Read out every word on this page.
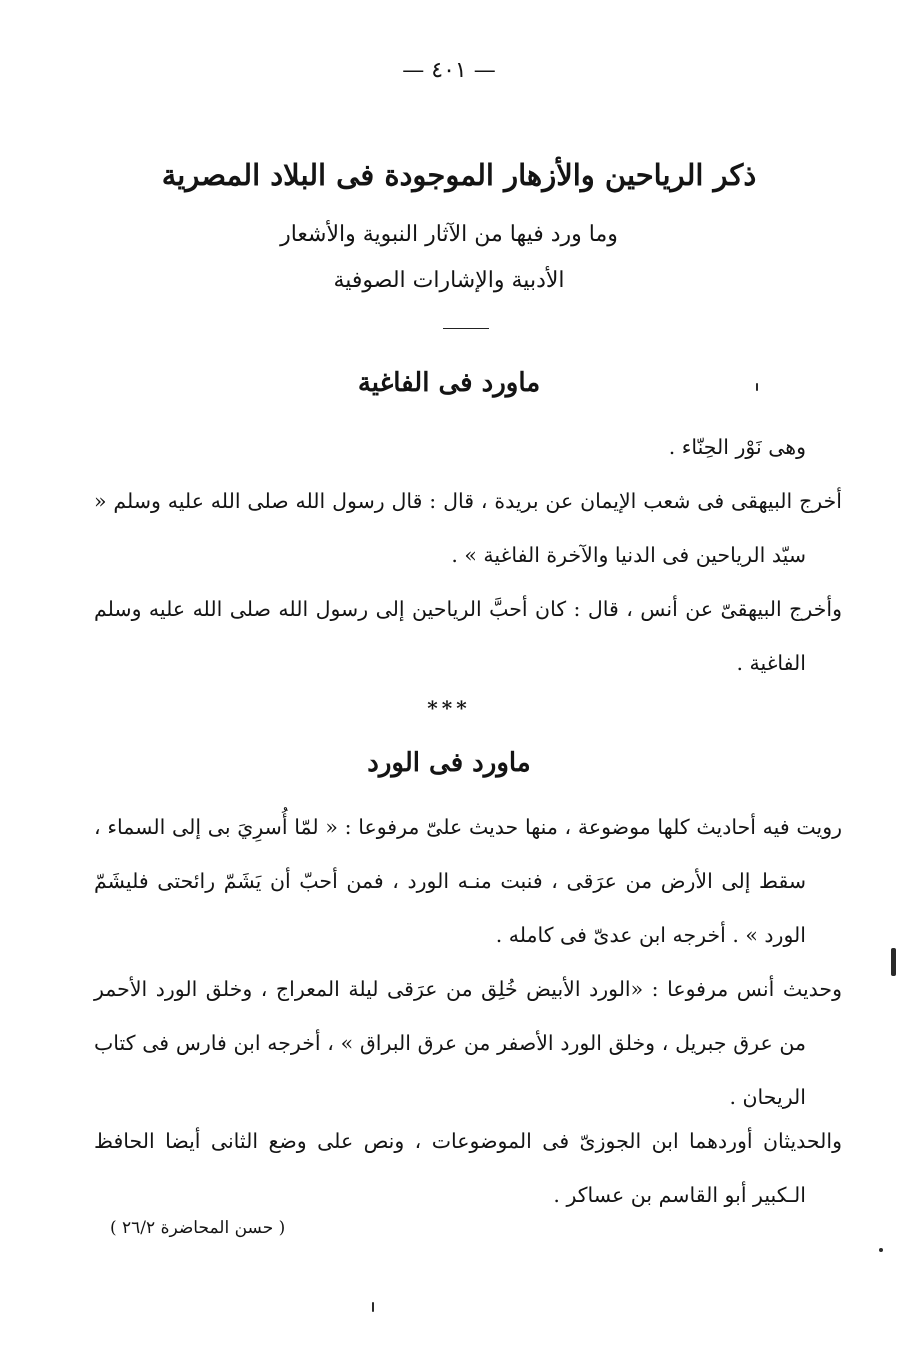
— ٤٠١ —
ذكر الرياحين والأزهار الموجودة فى البلاد المصرية
وما ورد فيها من الآثار النبوية والأشعار
الأدبية والإشارات الصوفية
ماورد فى الفاغية

وهى نَوْر الحِنّاء .

أخرج البيهقى فى شعب الإيمان عن بريدة ، قال : قال رسول الله صلى الله عليه وسلم « سيّد الرياحين فى الدنيا والآخرة الفاغية » .

وأخرج البيهقىّ عن أنس ، قال : كان أحبَّ الرياحين إلى رسول الله صلى الله عليه وسلم الفاغية .

***
ماورد فى الورد

رويت فيه أحاديث كلها موضوعة ، منها حديث علىّ مرفوعا : « لمّا أُسرِيَ بى إلى السماء ، سقط إلى الأرض من عرَقى ، فنبت منـه الورد ، فمن أحبّ أن يَشَمّ رائحتى فليشَمّ الورد » . أخرجه ابن عدىّ فى كامله .

وحديث أنس مرفوعا : «الورد الأبيض خُلِق من عرَقى ليلة المعراج ، وخلق الورد الأحمر من عرق جبريل ، وخلق الورد الأصفر من عرق البراق » ، أخرجه ابن فارس فى كتاب الريحان .

والحديثان أوردهما ابن الجوزىّ فى الموضوعات ، ونص على وضع الثانى أيضا الحافظ الـكبير أبو القاسم بن عساكر .

( حسن المحاضرة ٢٦/٢ )
